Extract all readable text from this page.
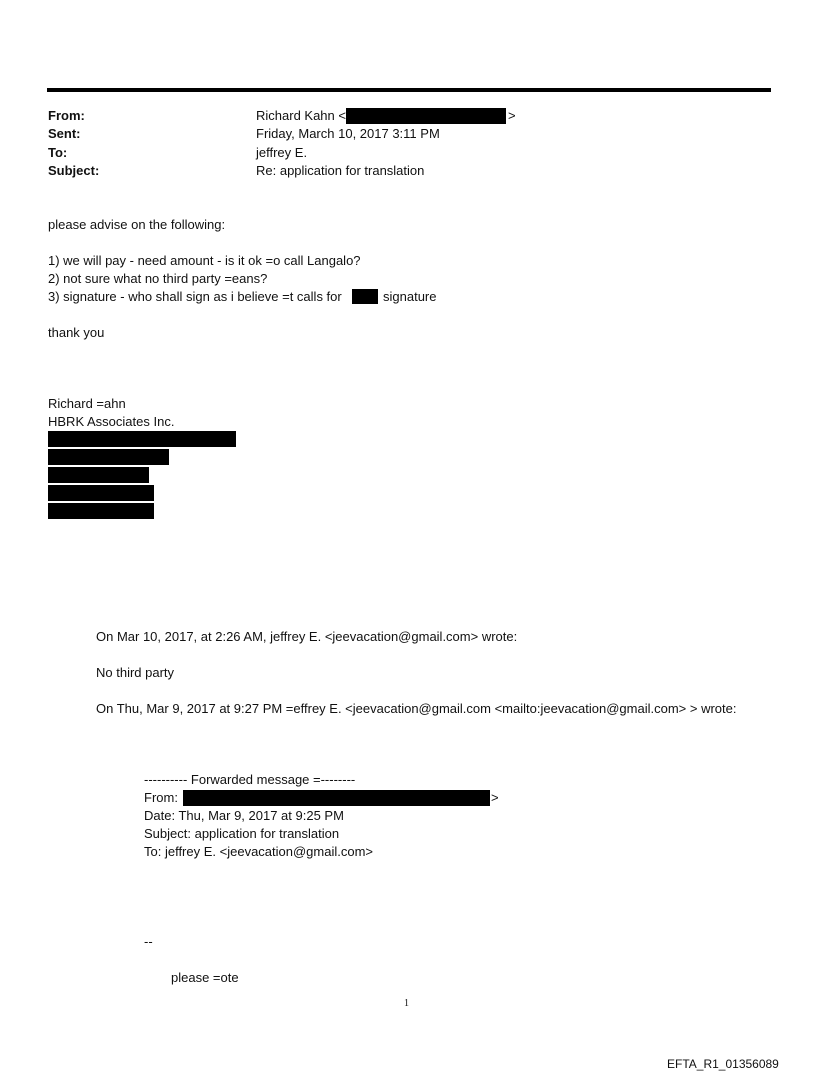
From:	Richard Kahn <	>
Sent:	Friday, March 10, 2017 3:11 PM
To:	jeffrey E.
Subject:	Re: application for translation
please advise on the following:
1) we will pay - need amount - is it ok =o call Langalo?
2) not sure what no third party =eans?
3) signature - who shall sign as i believe =t calls for	signature
thank you
Richard =ahn
HBRK Associates Inc.
On Mar 10, 2017, at 2:26 AM, jeffrey E. <jeevacation@gmail.com> wrote:
No third party
On Thu, Mar 9, 2017 at 9:27 PM =effrey E. <jeevacation@gmail.com <mailto:jeevacation@gmail.com> > wrote:
---------- Forwarded message =--------
From:	>
Date: Thu, Mar 9, 2017 at 9:25 PM
Subject: application for translation
To: jeffrey E. <jeevacation@gmail.com>
--
please =ote
1
EFTA_R1_01356089
